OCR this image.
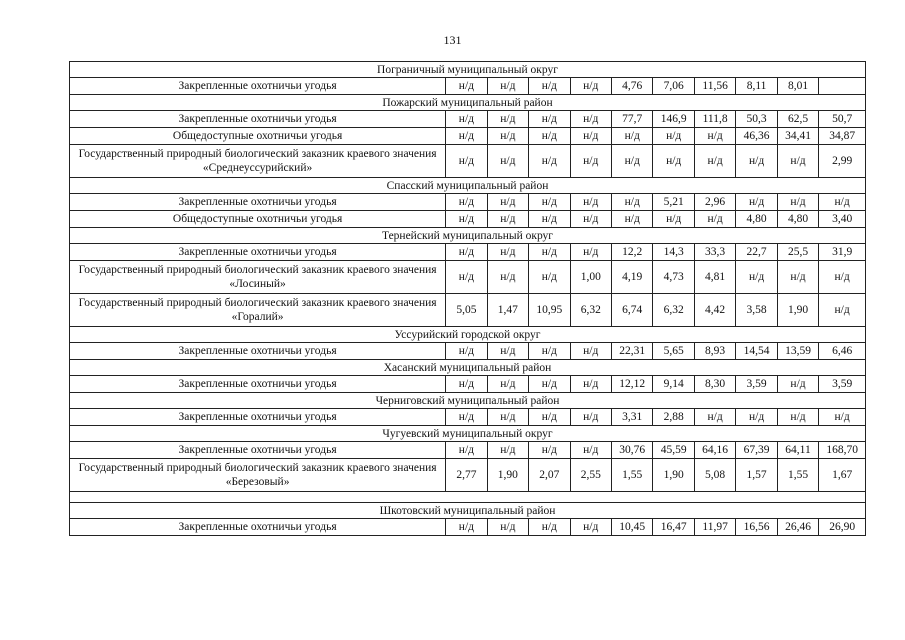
131
Пограничный муниципальный округ										
Закрепленные охотничьи угодья	н/д	н/д	н/д	н/д	4,76	7,06	11,56	8,11	8,01	
Пожарский муниципальный район										
Закрепленные охотничьи угодья	н/д	н/д	н/д	н/д	77,7	146,9	111,8	50,3	62,5	50,7
Общедоступные охотничьи угодья	н/д	н/д	н/д	н/д	н/д	н/д	н/д	46,36	34,41	34,87
Государственный природный биологический заказник краевого значения «Среднеуссурийский»	н/д	н/д	н/д	н/д	н/д	н/д	н/д	н/д	н/д	2,99
Спасский муниципальный район										
Закрепленные охотничьи угодья	н/д	н/д	н/д	н/д	н/д	5,21	2,96	н/д	н/д	н/д
Общедоступные охотничьи угодья	н/д	н/д	н/д	н/д	н/д	н/д	н/д	4,80	4,80	3,40
Тернейский муниципальный округ										
Закрепленные охотничьи угодья	н/д	н/д	н/д	н/д	12,2	14,3	33,3	22,7	25,5	31,9
Государственный природный биологический заказник краевого значения «Лосиный»	н/д	н/д	н/д	1,00	4,19	4,73	4,81	н/д	н/д	н/д
Государственный природный биологический заказник краевого значения «Горалий»	5,05	1,47	10,95	6,32	6,74	6,32	4,42	3,58	1,90	н/д
Уссурийский городской округ										
Закрепленные охотничьи угодья	н/д	н/д	н/д	н/д	22,31	5,65	8,93	14,54	13,59	6,46
Хасанский муниципальный район										
Закрепленные охотничьи угодья	н/д	н/д	н/д	н/д	12,12	9,14	8,30	3,59	н/д	3,59
Черниговский муниципальный район										
Закрепленные охотничьи угодья	н/д	н/д	н/д	н/д	3,31	2,88	н/д	н/д	н/д	н/д
Чугуевский муниципальный округ										
Закрепленные охотничьи угодья	н/д	н/д	н/д	н/д	30,76	45,59	64,16	67,39	64,11	168,70
Государственный природный биологический заказник краевого значения «Березовый»	2,77	1,90	2,07	2,55	1,55	1,90	5,08	1,57	1,55	1,67

Шкотовский муниципальный район										
Закрепленные охотничьи угодья	н/д	н/д	н/д	н/д	10,45	16,47	11,97	16,56	26,46	26,90
